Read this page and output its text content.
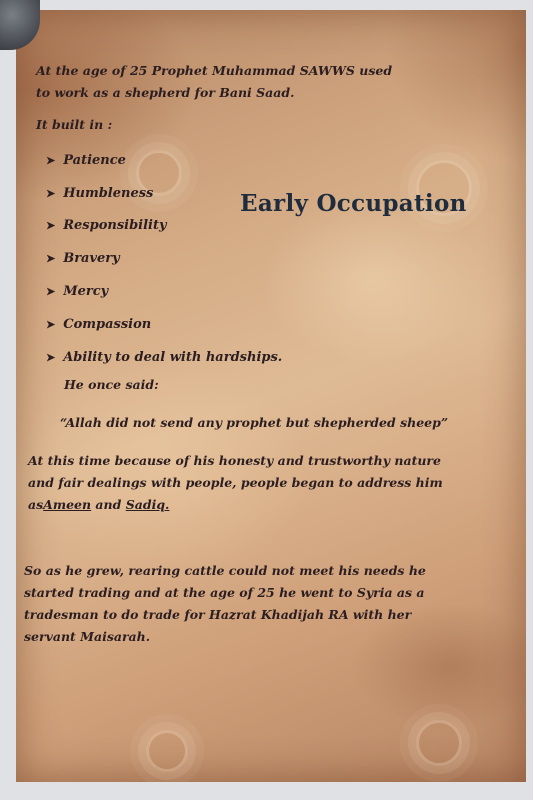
At the age of 25 Prophet Muhammad SAWWS used
to work as a shepherd for Bani Saad.
It built in :
➤ Patience
➤ Humbleness
➤ Responsibility
➤ Bravery
➤ Mercy
➤ Compassion
➤ Ability to deal with hardships.
Early Occupation
He once said:
“Allah did not send any prophet but shepherded sheep”
At this time because of his honesty and trustworthy nature
and fair dealings with people, people began to address him
asAmeen and Sadiq.
So as he grew, rearing cattle could not meet his needs he
started trading and at the age of 25 he went to Syria as a
tradesman to do trade for Hazrat Khadijah RA with her
servant Maisarah.
